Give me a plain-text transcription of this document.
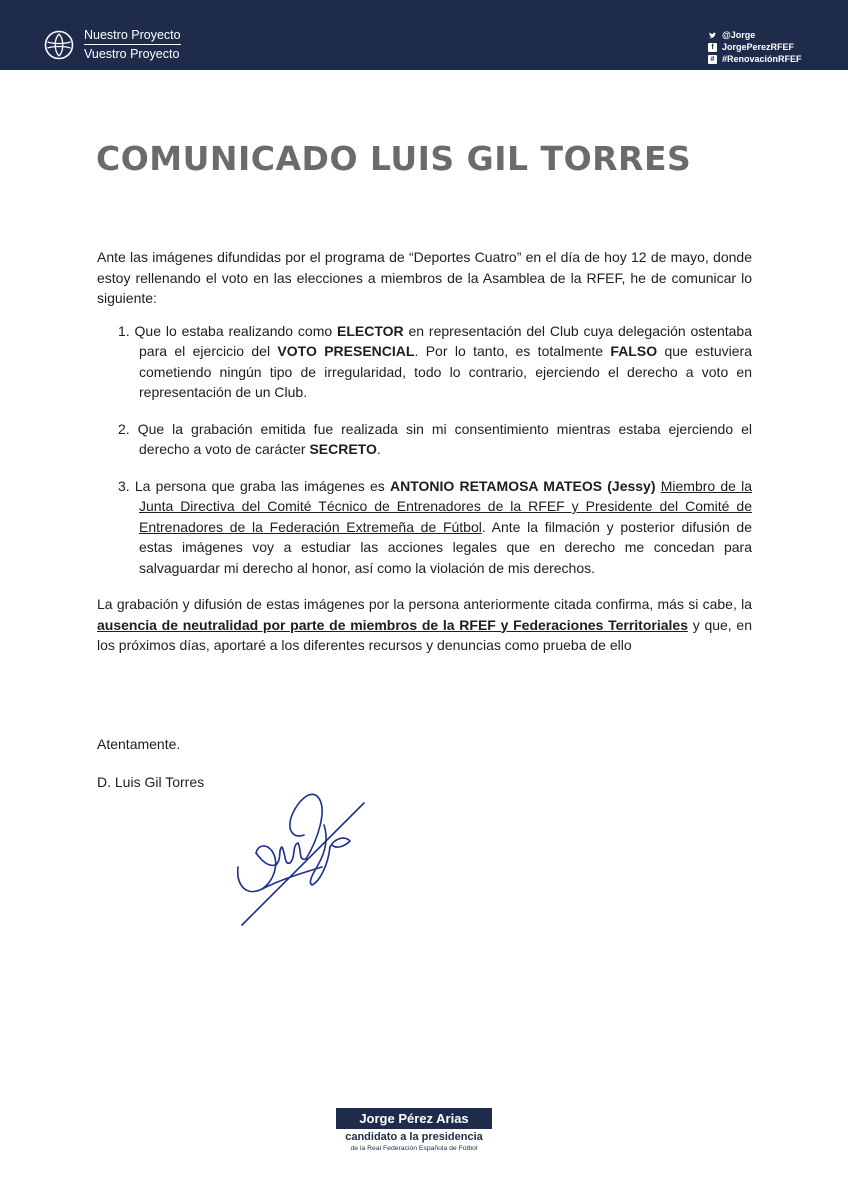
Nuestro Proyecto
Vuestro Proyecto
@Jorge
f JorgePerezRFEF
# #RenovaciónRFEF
COMUNICADO LUIS GIL TORRES

Ante las imágenes difundidas por el programa de “Deportes Cuatro” en el día de hoy 12 de mayo, donde estoy rellenando el voto en las elecciones a miembros de la Asamblea de la RFEF, he de comunicar lo siguiente:

1. Que lo estaba realizando como ELECTOR en representación del Club cuya delegación ostentaba para el ejercicio del VOTO PRESENCIAL. Por lo tanto, es totalmente FALSO que estuviera cometiendo ningún tipo de irregularidad, todo lo contrario, ejerciendo el derecho a voto en representación de un Club.
2. Que la grabación emitida fue realizada sin mi consentimiento mientras estaba ejerciendo el derecho a voto de carácter SECRETO.
3. La persona que graba las imágenes es ANTONIO RETAMOSA MATEOS (Jessy) Miembro de la Junta Directiva del Comité Técnico de Entrenadores de la RFEF y Presidente del Comité de Entrenadores de la Federación Extremeña de Fútbol. Ante la filmación y posterior difusión de estas imágenes voy a estudiar las acciones legales que en derecho me concedan para salvaguardar mi derecho al honor, así como la violación de mis derechos.

La grabación y difusión de estas imágenes por la persona anteriormente citada confirma, más si cabe, la ausencia de neutralidad por parte de miembros de la RFEF y Federaciones Territoriales y que, en los próximos días, aportaré a los diferentes recursos y denuncias como prueba de ello

Atentamente.

D. Luis Gil Torres

Jorge Pérez Arias
candidato a la presidencia
de la Real Federación Española de Fútbol
